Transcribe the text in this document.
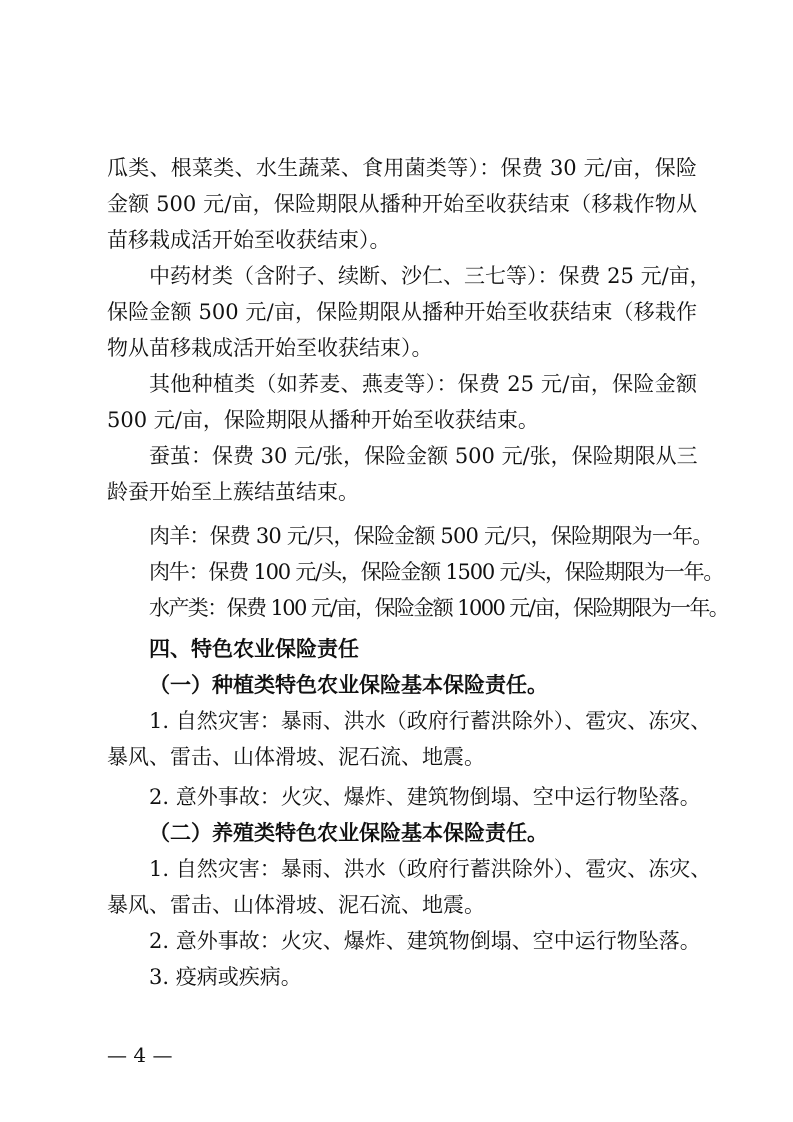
瓜类、根菜类、水生蔬菜、食用菌类等）：保费 30 元/亩，保险
金额 500 元/亩，保险期限从播种开始至收获结束（移栽作物从
苗移栽成活开始至收获结束）。
中药材类（含附子、续断、沙仁、三七等）：保费 25 元/亩，
保险金额 500 元/亩，保险期限从播种开始至收获结束（移栽作
物从苗移栽成活开始至收获结束）。
其他种植类（如荞麦、燕麦等）：保费 25 元/亩，保险金额
500 元/亩，保险期限从播种开始至收获结束。
蚕茧：保费 30 元/张，保险金额 500 元/张，保险期限从三
龄蚕开始至上蔟结茧结束。
肉羊：保费 30 元/只，保险金额 500 元/只，保险期限为一年。
肉牛：保费 100 元/头，保险金额 1500 元/头，保险期限为一年。
水产类：保费 100 元/亩，保险金额 1000 元/亩，保险期限为一年。
四、特色农业保险责任
（一）种植类特色农业保险基本保险责任。
1. 自然灾害：暴雨、洪水（政府行蓄洪除外）、雹灾、冻灾、
暴风、雷击、山体滑坡、泥石流、地震。
2. 意外事故：火灾、爆炸、建筑物倒塌、空中运行物坠落。
（二）养殖类特色农业保险基本保险责任。
1. 自然灾害：暴雨、洪水（政府行蓄洪除外）、雹灾、冻灾、
暴风、雷击、山体滑坡、泥石流、地震。
2. 意外事故：火灾、爆炸、建筑物倒塌、空中运行物坠落。
3. 疫病或疾病。
— 4 —
